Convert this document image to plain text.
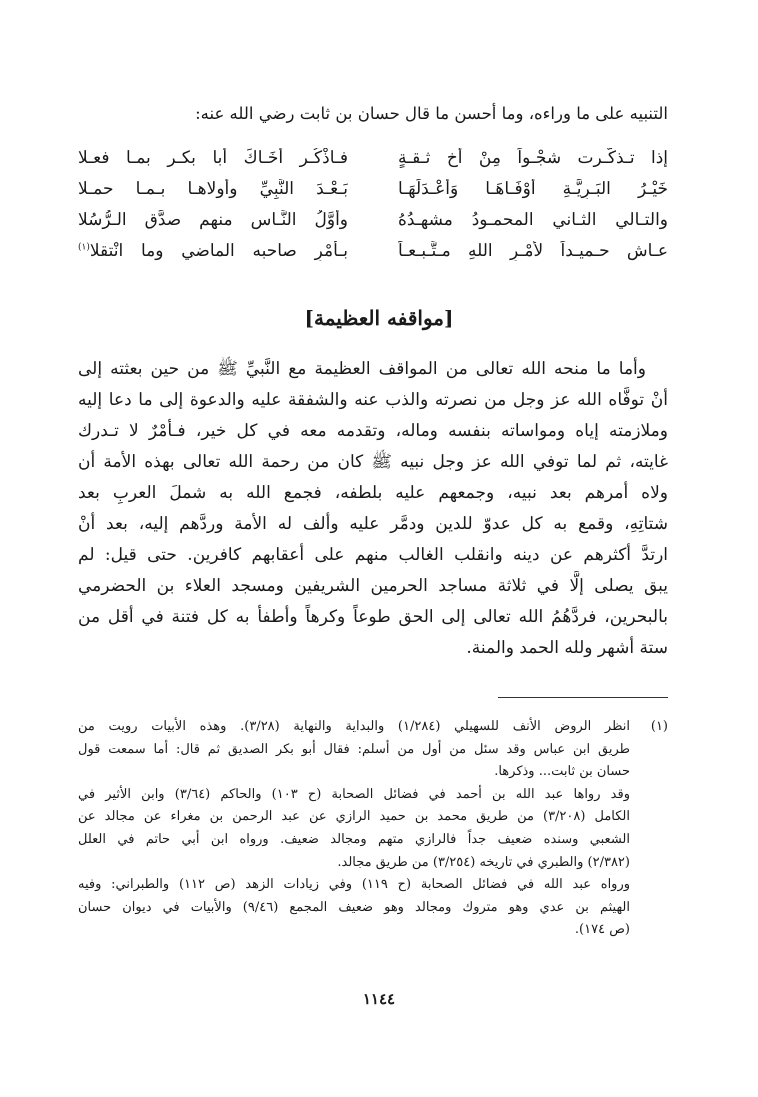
التنبيه على ما وراءه، وما أحسن ما قال حسان بن ثابت رضي الله عنه:
إذا تـذكَّـرت شجْـواً مِنْ أخٍ ثـقـةٍ
فـاذْكُـر أخَـاكَ أبا بكـر بمـا فعـلا
خَيْـرُ البَـرِيَّـةِ أوْفَـاهَـا وَأعْـدَلَهَـا
بَـعْـدَ النَّبِيِّ وأولاهـا بـمـا حمـلا
والتـالي الثـاني المحمـودُ مشهـدُهُ
وأوَّلُ النَّـاسِ منهم صدَّق الـرُّسُلا
عـاش حـميـداً لأمْـرِ اللهِ مـتَّـبـعـاً
بـأمْرِ صاحبه الماضي وما انْتقلا$^{(١)}$
[مواقفه العظيمة]
وأما ما منحه الله تعالى من المواقف العظيمة مع النَّبيِّ ﷺ من حين بعثته إلى
أنْ توفَّاه الله عز وجل من نصرته والذب عنه والشفقة عليه والدعوة إلى ما دعا إليه
وملازمته إياه ومواساته بنفسه وماله، وتقدمه معه في كل خير، فـأمْرٌ لا تـدرك
غايته، ثم لما توفي الله عز وجل نبيه ﷺ كان من رحمة الله تعالى بهذه الأمة أن
ولاه أمرهم بعد نبيه، وجمعهم عليه بلطفه، فجمع الله به شملَ العربِ بعد
شتاتِهِ، وقمع به كل عدوّ للدين ودمَّر عليه وألف له الأمة وردَّهم إليه، بعد أنْ
ارتدَّ أكثرهم عن دينه وانقلب الغالب منهم على أعقابهم كافرين. حتى قيل: لم
يبق يصلى إلَّا في ثلاثة مساجد الحرمين الشريفين ومسجد العلاء بن الحضرمي
بالبحرين، فردَّهُمُ الله تعالى إلى الحق طوعاً وكرهاً وأطفأ به كل فتنة في أقل من
ستة أشهر ولله الحمد والمنة.
(١)
انظر الروض الأنف للسهيلي (١/٢٨٤) والبداية والنهاية (٣/٢٨). وهذه الأبيات رويت من
طريق ابن عباس وقد سئل من أول من أسلم: فقال أبو بكر الصديق ثم قال: أما سمعت قول
حسان بن ثابت... وذكرها.
وقد رواها عبد الله بن أحمد في فضائل الصحابة (ح ١٠٣) والحاكم (٣/٦٤) وابن الأثير في
الكامل (٣/٢٠٨) من طريق محمد بن حميد الرازي عن عبد الرحمن بن مغراء عن مجالد عن
الشعبي وسنده ضعيف جداً فالرازي متهم ومجالد ضعيف. ورواه ابن أبي حاتم في العلل
(٢/٣٨٢) والطبري في تاريخه (٣/٢٥٤) من طريق مجالد.
ورواه عبد الله في فضائل الصحابة (ح ١١٩) وفي زيادات الزهد (ص ١١٢) والطبراني: وفيه
الهيثم بن عدي وهو متروك ومجالد وهو ضعيف المجمع (٩/٤٦) والأبيات في ديوان حسان
(ص ١٧٤).
١١٤٤
